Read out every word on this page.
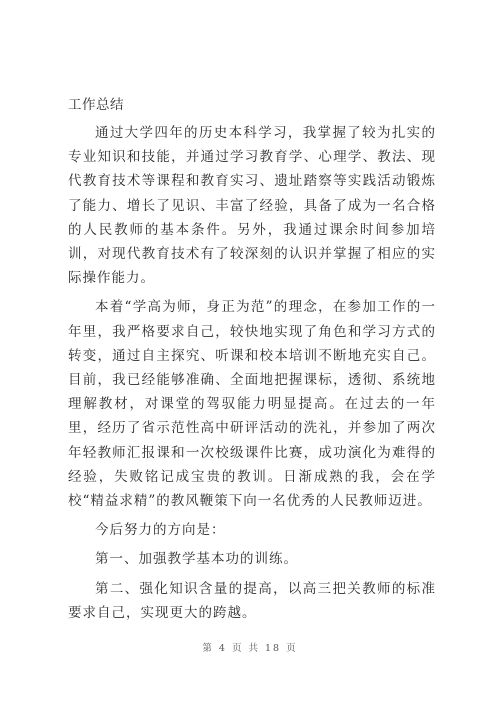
工作总结

通过大学四年的历史本科学习，我掌握了较为扎实的专业知识和技能，并通过学习教育学、心理学、教法、现代教育技术等课程和教育实习、遗址踏察等实践活动锻炼了能力、增长了见识、丰富了经验，具备了成为一名合格的人民教师的基本条件。另外，我通过课余时间参加培训，对现代教育技术有了较深刻的认识并掌握了相应的实际操作能力。

本着“学高为师，身正为范”的理念，在参加工作的一年里，我严格要求自己，较快地实现了角色和学习方式的转变，通过自主探究、听课和校本培训不断地充实自己。目前，我已经能够准确、全面地把握课标，透彻、系统地理解教材，对课堂的驾驭能力明显提高。在过去的一年里，经历了省示范性高中研评活动的洗礼，并参加了两次年轻教师汇报课和一次校级课件比赛，成功演化为难得的经验，失败铭记成宝贵的教训。日渐成熟的我，会在学校“精益求精”的教风鞭策下向一名优秀的人民教师迈进。

今后努力的方向是：

第一、加强教学基本功的训练。

第二、强化知识含量的提高，以高三把关教师的标准要求自己，实现更大的跨越。

第 4 页 共 18 页
